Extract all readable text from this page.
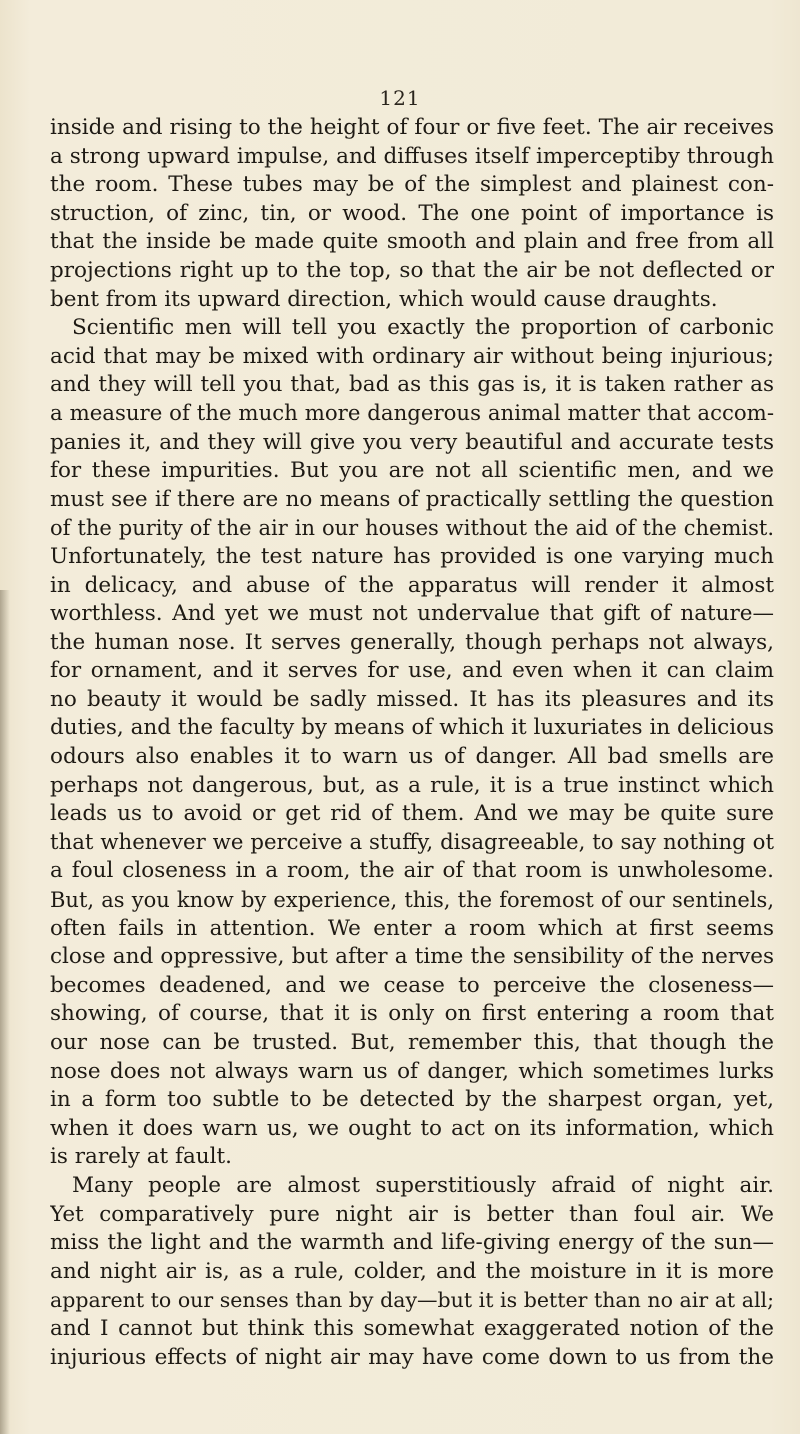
121
inside and rising to the height of four or five feet. The air receives
a strong upward impulse, and diffuses itself imperceptiby through
the room. These tubes may be of the simplest and plainest con-
struction, of zinc, tin, or wood. The one point of importance is
that the inside be made quite smooth and plain and free from all
projections right up to the top, so that the air be not deflected or
bent from its upward direction, which would cause draughts.
Scientific men will tell you exactly the proportion of carbonic
acid that may be mixed with ordinary air without being injurious;
and they will tell you that, bad as this gas is, it is taken rather as
a measure of the much more dangerous animal matter that accom-
panies it, and they will give you very beautiful and accurate tests
for these impurities. But you are not all scientific men, and we
must see if there are no means of practically settling the question
of the purity of the air in our houses without the aid of the chemist.
Unfortunately, the test nature has provided is one varying much
in delicacy, and abuse of the apparatus will render it almost
worthless. And yet we must not undervalue that gift of nature—
the human nose. It serves generally, though perhaps not always,
for ornament, and it serves for use, and even when it can claim
no beauty it would be sadly missed. It has its pleasures and its
duties, and the faculty by means of which it luxuriates in delicious
odours also enables it to warn us of danger. All bad smells are
perhaps not dangerous, but, as a rule, it is a true instinct which
leads us to avoid or get rid of them. And we may be quite sure
that whenever we perceive a stuffy, disagreeable, to say nothing ot
a foul closeness in a room, the air of that room is unwholesome.
But, as you know by experience, this, the foremost of our sentinels,
often fails in attention. We enter a room which at first seems
close and oppressive, but after a time the sensibility of the nerves
becomes deadened, and we cease to perceive the closeness—
showing, of course, that it is only on first entering a room that
our nose can be trusted. But, remember this, that though the
nose does not always warn us of danger, which sometimes lurks
in a form too subtle to be detected by the sharpest organ, yet,
when it does warn us, we ought to act on its information, which
is rarely at fault.
Many people are almost superstitiously afraid of night air.
Yet comparatively pure night air is better than foul air. We
miss the light and the warmth and life-giving energy of the sun—
and night air is, as a rule, colder, and the moisture in it is more
apparent to our senses than by day—but it is better than no air at all;
and I cannot but think this somewhat exaggerated notion of the
injurious effects of night air may have come down to us from the
